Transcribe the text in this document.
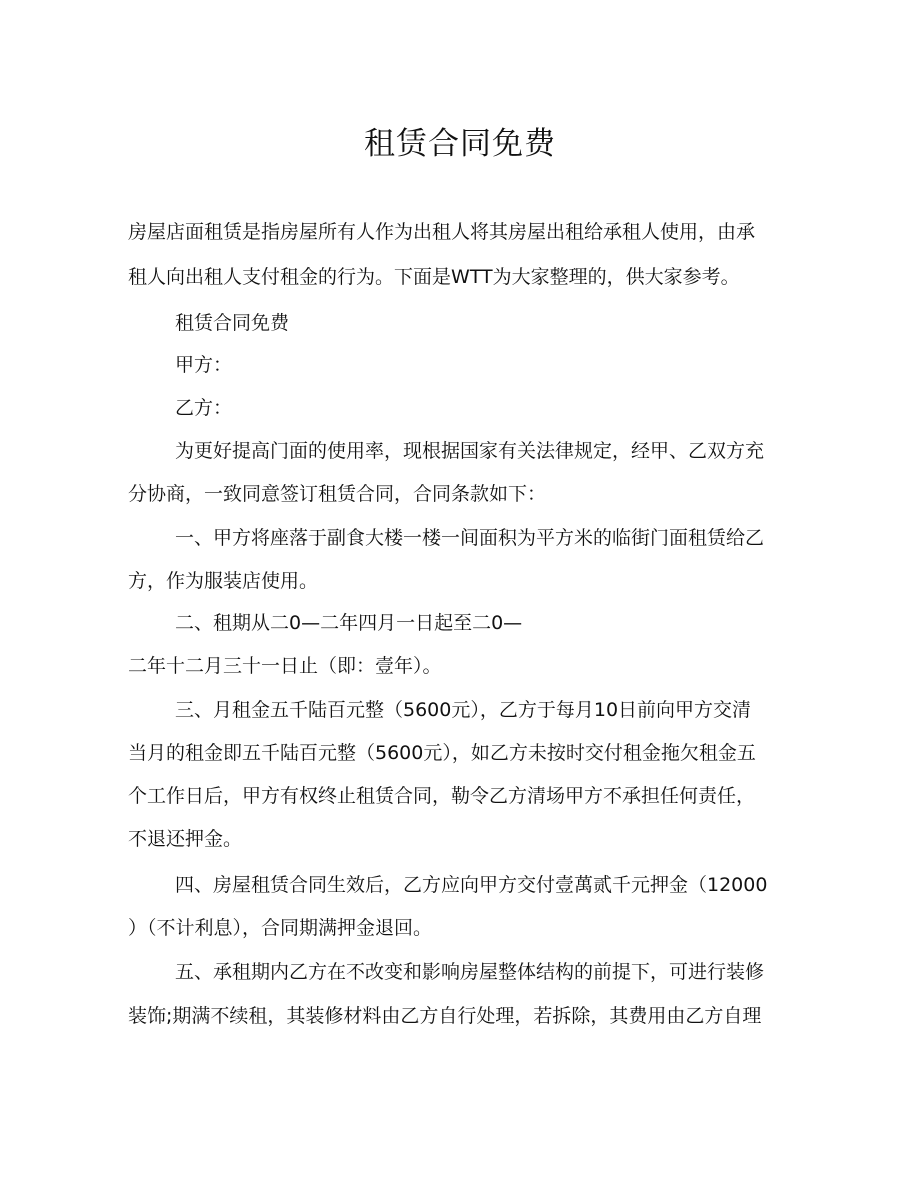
租赁合同免费

房屋店面租赁是指房屋所有人作为出租人将其房屋出租给承租人使用，由承

租人向出租人支付租金的行为。下面是WTT为大家整理的，供大家参考。

租赁合同免费

甲方：

乙方：

为更好提高门面的使用率，现根据国家有关法律规定，经甲、乙双方充

分协商，一致同意签订租赁合同，合同条款如下：

一、甲方将座落于副食大楼一楼一间面积为平方米的临街门面租赁给乙

方，作为服装店使用。

二、租期从二0—二年四月一日起至二0—

二年十二月三十一日止（即：壹年）。

三、月租金五千陆百元整（5600元），乙方于每月10日前向甲方交清

当月的租金即五千陆百元整（5600元），如乙方未按时交付租金拖欠租金五

个工作日后，甲方有权终止租赁合同，勒令乙方清场甲方不承担任何责任，

不退还押金。

四、房屋租赁合同生效后，乙方应向甲方交付壹萬贰千元押金（12000

）（不计利息），合同期满押金退回。

五、承租期内乙方在不改变和影响房屋整体结构的前提下，可进行装修

装饰;期满不续租，其装修材料由乙方自行处理，若拆除，其费用由乙方自理
